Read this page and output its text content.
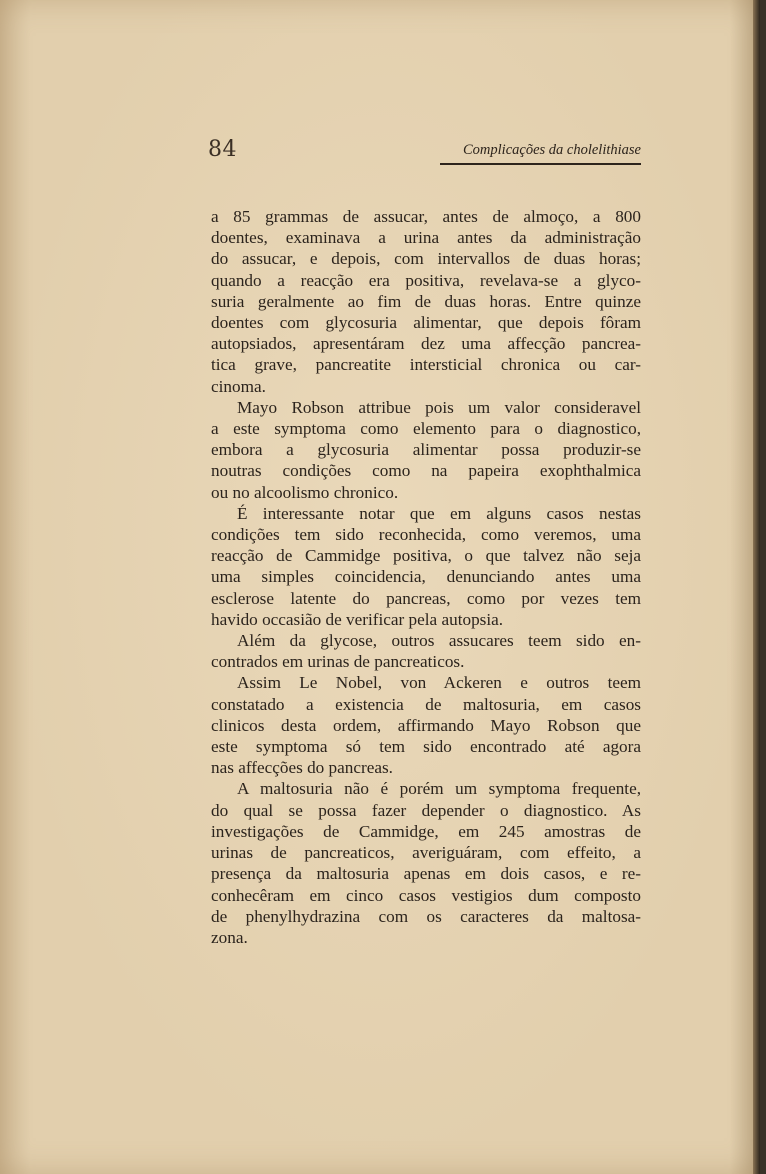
84	Complicações da cholelithiase
a 85 grammas de assucar, antes de almoço, a 800
doentes, examinava a urina antes da administração
do assucar, e depois, com intervallos de duas horas;
quando a reacção era positiva, revelava-se a glyco-
suria geralmente ao fim de duas horas. Entre quinze
doentes com glycosuria alimentar, que depois fôram
autopsiados, apresentáram dez uma affecção pancrea-
tica grave, pancreatite intersticial chronica ou car-
cinoma.
Mayo Robson attribue pois um valor consideravel
a este symptoma como elemento para o diagnostico,
embora a glycosuria alimentar possa produzir-se
noutras condições como na papeira exophthalmica
ou no alcoolismo chronico.
É interessante notar que em alguns casos nestas
condições tem sido reconhecida, como veremos, uma
reacção de Cammidge positiva, o que talvez não seja
uma simples coincidencia, denunciando antes uma
esclerose latente do pancreas, como por vezes tem
havido occasião de verificar pela autopsia.
Além da glycose, outros assucares teem sido en-
contrados em urinas de pancreaticos.
Assim Le Nobel, von Ackeren e outros teem
constatado a existencia de maltosuria, em casos
clinicos desta ordem, affirmando Mayo Robson que
este symptoma só tem sido encontrado até agora
nas affecções do pancreas.
A maltosuria não é porém um symptoma frequente,
do qual se possa fazer depender o diagnostico. As
investigações de Cammidge, em 245 amostras de
urinas de pancreaticos, averiguáram, com effeito, a
presença da maltosuria apenas em dois casos, e re-
conhecêram em cinco casos vestigios dum composto
de phenylhydrazina com os caracteres da maltosa-
zona.
